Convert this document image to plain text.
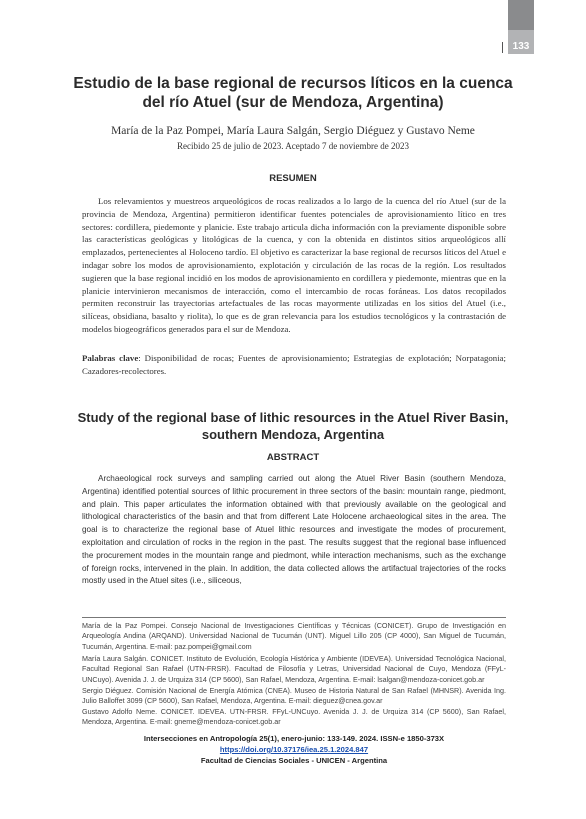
133
Estudio de la base regional de recursos líticos en la cuenca del río Atuel (sur de Mendoza, Argentina)
María de la Paz Pompei, María Laura Salgán, Sergio Diéguez y Gustavo Neme
Recibido 25 de julio de 2023. Aceptado 7 de noviembre de 2023
RESUMEN

Los relevamientos y muestreos arqueológicos de rocas realizados a lo largo de la cuenca del río Atuel (sur de la provincia de Mendoza, Argentina) permitieron identificar fuentes potenciales de aprovisionamiento lítico en tres sectores: cordillera, piedemonte y planicie. Este trabajo articula dicha información con la previamente disponible sobre las características geológicas y litológicas de la cuenca, y con la obtenida en distintos sitios arqueológicos allí emplazados, pertenecientes al Holoceno tardío. El objetivo es caracterizar la base regional de recursos líticos del Atuel e indagar sobre los modos de aprovisionamiento, explotación y circulación de las rocas de la región. Los resultados sugieren que la base regional incidió en los modos de aprovisionamiento en cordillera y piedemonte, mientras que en la planicie intervinieron mecanismos de interacción, como el intercambio de rocas foráneas. Los datos recopilados permiten reconstruir las trayectorias artefactuales de las rocas mayormente utilizadas en los sitios del Atuel (i.e., silíceas, obsidiana, basalto y riolita), lo que es de gran relevancia para los estudios tecnológicos y la contrastación de modelos biogeográficos generados para el sur de Mendoza.

Palabras clave: Disponibilidad de rocas; Fuentes de aprovisionamiento; Estrategias de explotación; Norpatagonia; Cazadores-recolectores.

Study of the regional base of lithic resources in the Atuel River Basin, southern Mendoza, Argentina
ABSTRACT

Archaeological rock surveys and sampling carried out along the Atuel River Basin (southern Mendoza, Argentina) identified potential sources of lithic procurement in three sectors of the basin: mountain range, piedmont, and plain. This paper articulates the information obtained with that previously available on the geological and lithological characteristics of the basin and that from different Late Holocene archaeological sites in the area. The goal is to characterize the regional base of Atuel lithic resources and investigate the modes of procurement, exploitation and circulation of rocks in the region in the past. The results suggest that the regional base influenced the procurement modes in the mountain range and piedmont, while interaction mechanisms, such as the exchange of foreign rocks, intervened in the plain. In addition, the data collected allows the artifactual trajectories of the rocks mostly used in the Atuel sites (i.e., siliceous,

María de la Paz Pompei. Consejo Nacional de Investigaciones Científicas y Técnicas (CONICET). Grupo de Investigación en Arqueología Andina (ARQAND). Universidad Nacional de Tucumán (UNT). Miguel Lillo 205 (CP 4000), San Miguel de Tucumán, Tucumán, Argentina. E-mail: paz.pompei@gmail.com

María Laura Salgán. CONICET. Instituto de Evolución, Ecología Histórica y Ambiente (IDEVEA). Universidad Tecnológica Nacional, Facultad Regional San Rafael (UTN-FRSR). Facultad de Filosofía y Letras, Universidad Nacional de Cuyo, Mendoza (FFyL-UNCuyo). Avenida J. J. de Urquiza 314 (CP 5600), San Rafael, Mendoza, Argentina. E-mail: lsalgan@mendoza-conicet.gob.ar

Sergio Diéguez. Comisión Nacional de Energía Atómica (CNEA). Museo de Historia Natural de San Rafael (MHNSR). Avenida Ing. Julio Balloffet 3099 (CP 5600), San Rafael, Mendoza, Argentina. E-mail: dieguez@cnea.gov.ar

Gustavo Adolfo Neme. CONICET. IDEVEA. UTN-FRSR. FFyL-UNCuyo. Avenida J. J. de Urquiza 314 (CP 5600), San Rafael, Mendoza, Argentina. E-mail: gneme@mendoza-conicet.gob.ar

Intersecciones en Antropología 25(1), enero-junio: 133-149. 2024. ISSN-e 1850-373X
https://doi.org/10.37176/iea.25.1.2024.847
Facultad de Ciencias Sociales - UNICEN - Argentina
